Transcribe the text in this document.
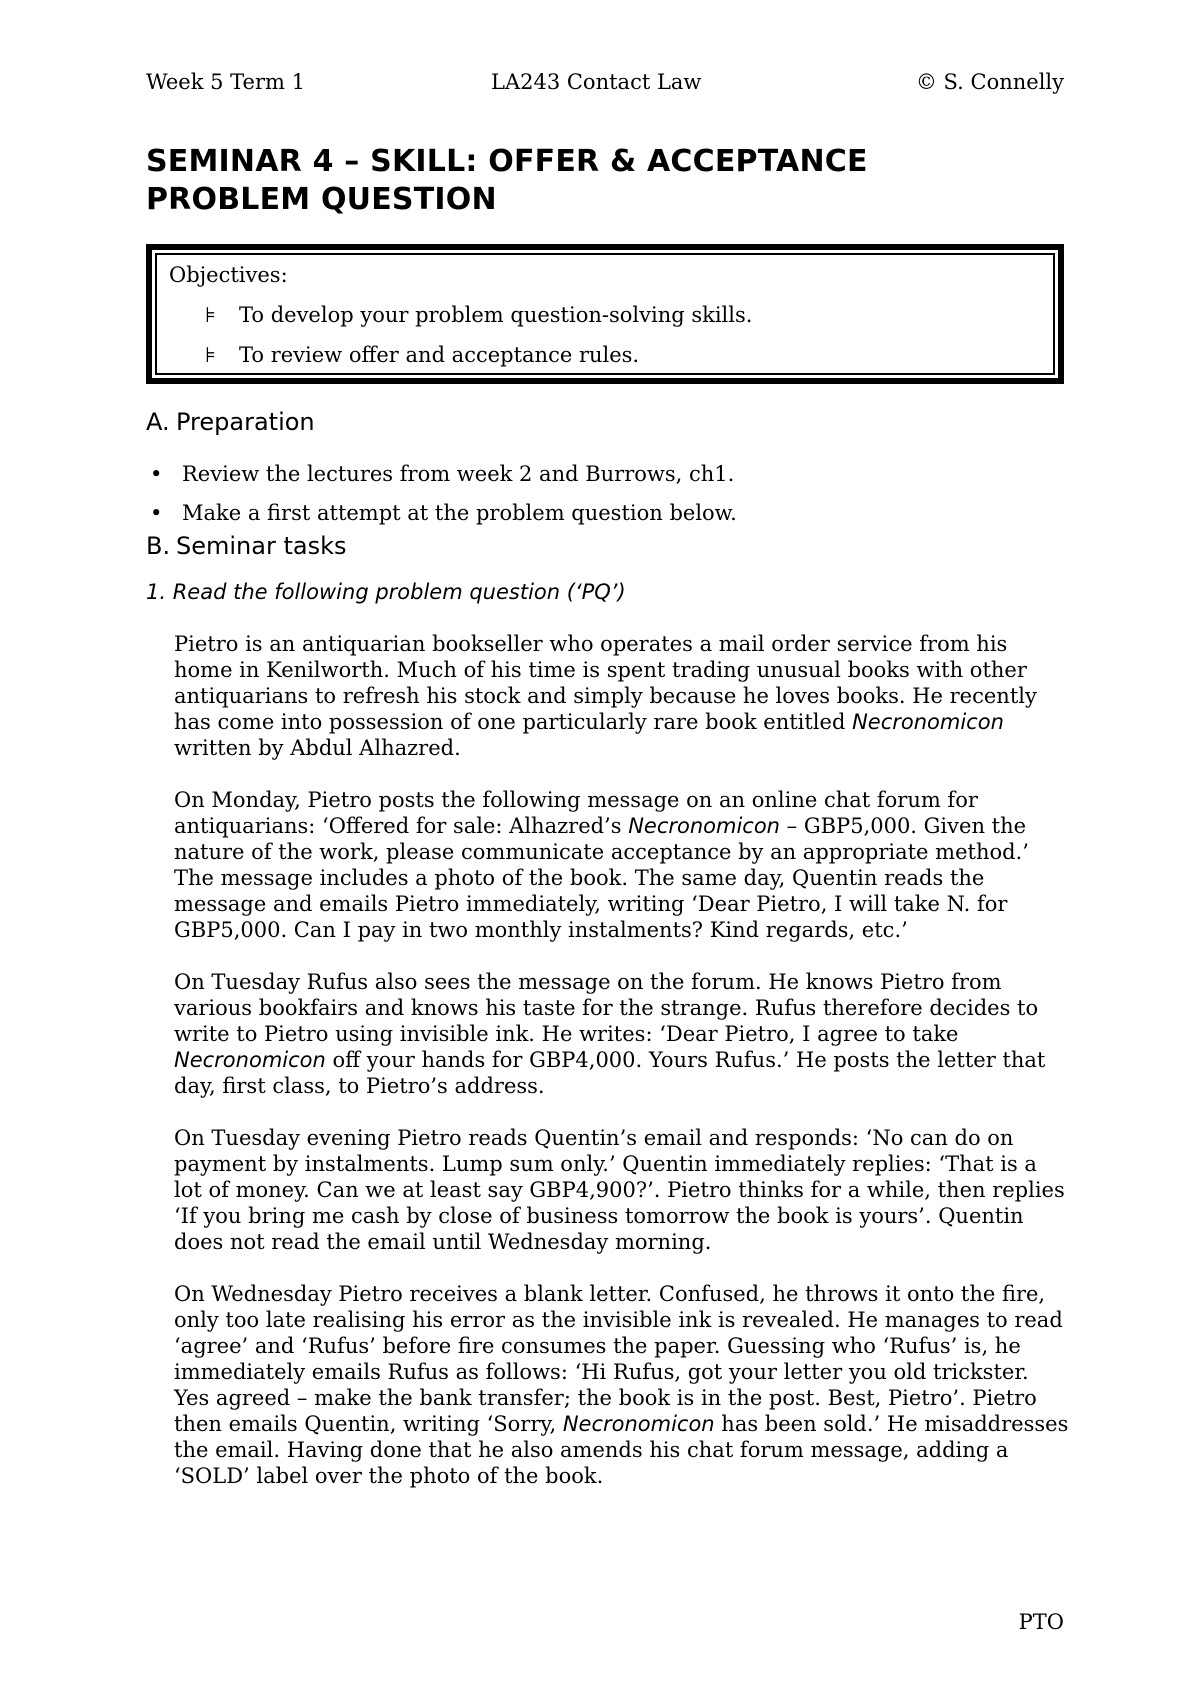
Week 5 Term 1	LA243 Contact Law	© S. Connelly
SEMINAR 4 – SKILL: OFFER & ACCEPTANCE
PROBLEM QUESTION
Objectives:
⊧ To develop your problem question-solving skills.
⊧ To review offer and acceptance rules.
A. Preparation
• Review the lectures from week 2 and Burrows, ch1.
• Make a first attempt at the problem question below.
B. Seminar tasks
1. Read the following problem question (‘PQ’)

Pietro is an antiquarian bookseller who operates a mail order service from his home in Kenilworth. Much of his time is spent trading unusual books with other antiquarians to refresh his stock and simply because he loves books. He recently has come into possession of one particularly rare book entitled Necronomicon written by Abdul Alhazred.

On Monday, Pietro posts the following message on an online chat forum for antiquarians: ‘Offered for sale: Alhazred’s Necronomicon – GBP5,000. Given the nature of the work, please communicate acceptance by an appropriate method.’ The message includes a photo of the book. The same day, Quentin reads the message and emails Pietro immediately, writing ‘Dear Pietro, I will take N. for GBP5,000. Can I pay in two monthly instalments? Kind regards, etc.’

On Tuesday Rufus also sees the message on the forum. He knows Pietro from various bookfairs and knows his taste for the strange. Rufus therefore decides to write to Pietro using invisible ink. He writes: ‘Dear Pietro, I agree to take Necronomicon off your hands for GBP4,000. Yours Rufus.’ He posts the letter that day, first class, to Pietro’s address.

On Tuesday evening Pietro reads Quentin’s email and responds: ‘No can do on payment by instalments. Lump sum only.’ Quentin immediately replies: ‘That is a lot of money. Can we at least say GBP4,900?’. Pietro thinks for a while, then replies ‘If you bring me cash by close of business tomorrow the book is yours’. Quentin does not read the email until Wednesday morning.

On Wednesday Pietro receives a blank letter. Confused, he throws it onto the fire, only too late realising his error as the invisible ink is revealed. He manages to read ‘agree’ and ‘Rufus’ before fire consumes the paper. Guessing who ‘Rufus’ is, he immediately emails Rufus as follows: ‘Hi Rufus, got your letter you old trickster. Yes agreed – make the bank transfer; the book is in the post. Best, Pietro’. Pietro then emails Quentin, writing ‘Sorry, Necronomicon has been sold.’ He misaddresses the email. Having done that he also amends his chat forum message, adding a ‘SOLD’ label over the photo of the book.

PTO
